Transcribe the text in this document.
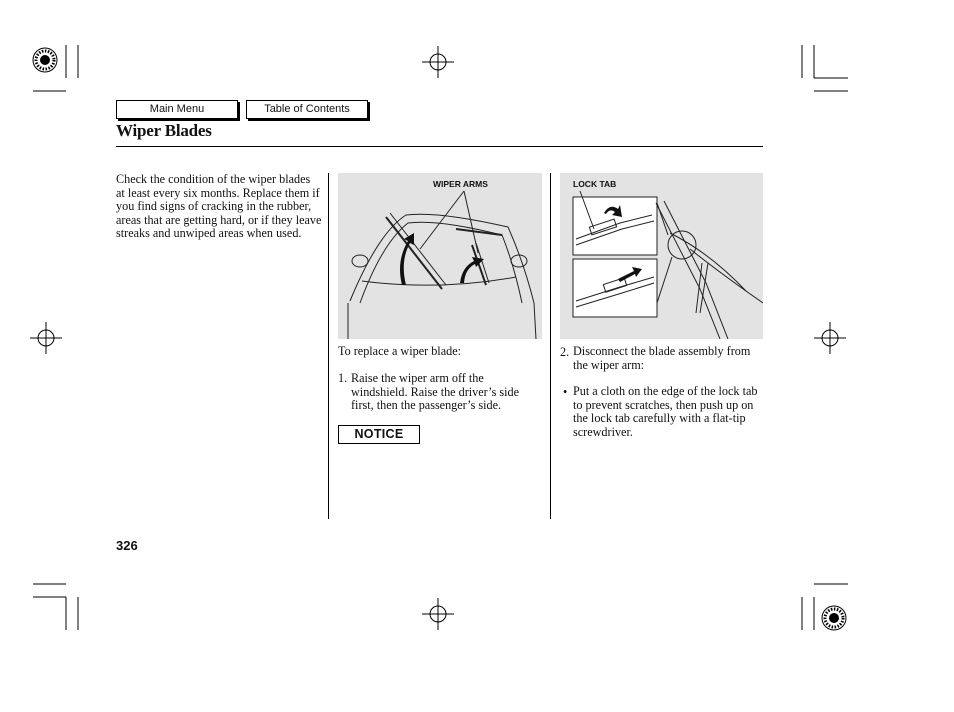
Main Menu	Table of Contents
Wiper Blades
Check the condition of the wiper blades at least every six months. Replace them if you find signs of cracking in the rubber, areas that are getting hard, or if they leave streaks and unwiped areas when used.
WIPER ARMS
To replace a wiper blade:
1. Raise the wiper arm off the windshield. Raise the driver’s side first, then the passenger’s side.
NOTICE
LOCK TAB
2. Disconnect the blade assembly from the wiper arm:
• Put a cloth on the edge of the lock tab to prevent scratches, then push up on the lock tab carefully with a flat-tip screwdriver.
326
